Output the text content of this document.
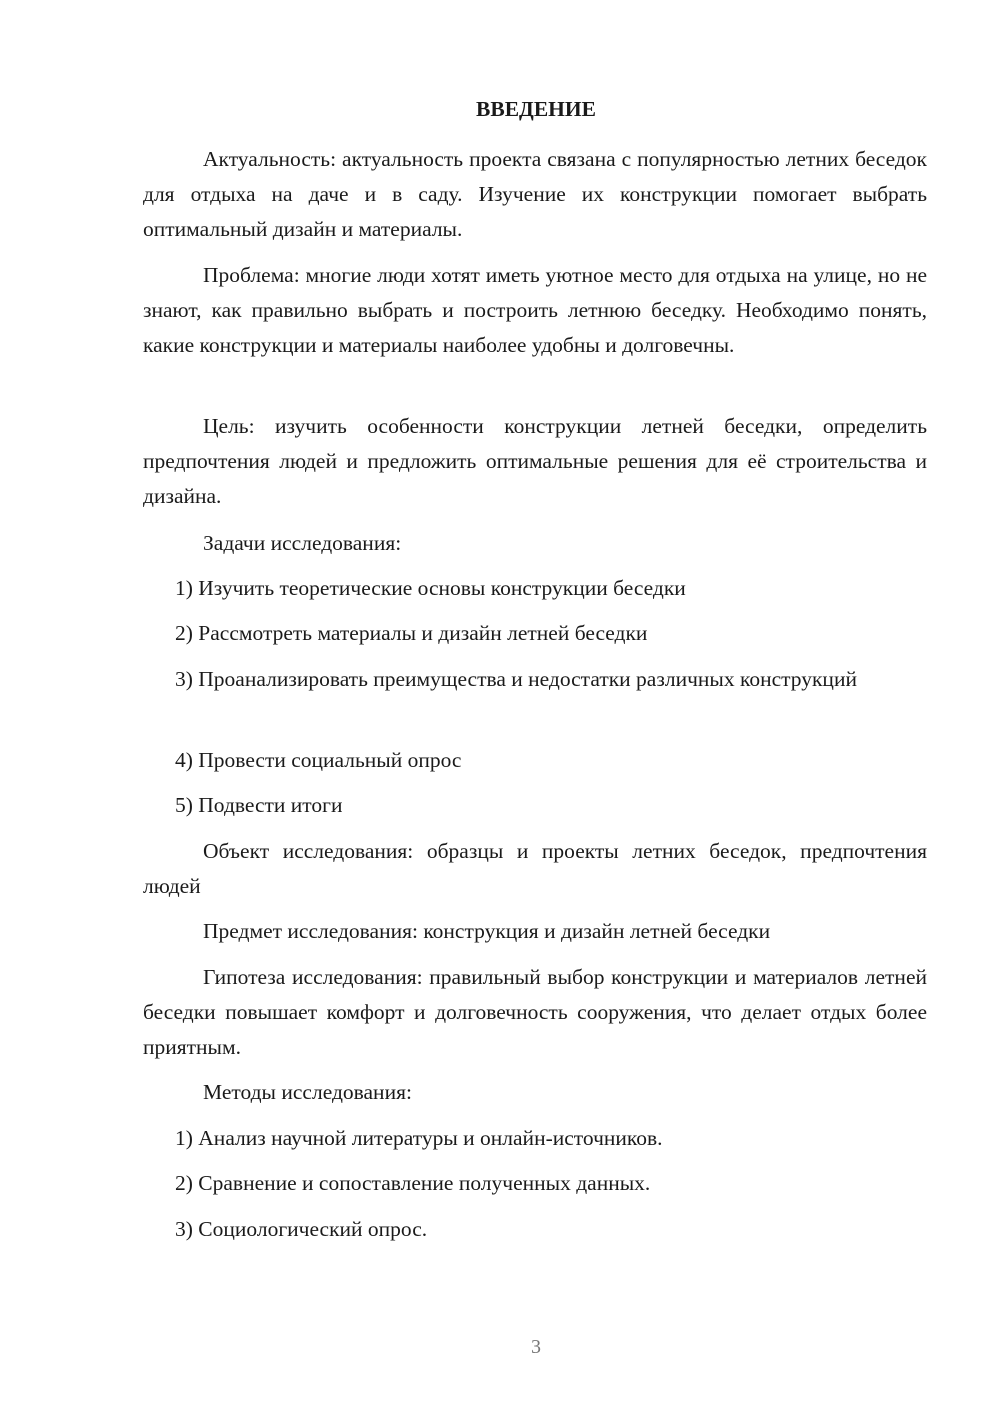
ВВЕДЕНИЕ

Актуальность: актуальность проекта связана с популярностью летних беседок для отдыха на даче и в саду. Изучение их конструкции помогает выбрать оптимальный дизайн и материалы.

Проблема: многие люди хотят иметь уютное место для отдыха на улице, но не знают, как правильно выбрать и построить летнюю беседку. Необходимо понять, какие конструкции и материалы наиболее удобны и долговечны.

Цель: изучить особенности конструкции летней беседки, определить предпочтения людей и предложить оптимальные решения для её строительства и дизайна.

Задачи исследования:

1) Изучить теоретические основы конструкции беседки

2) Рассмотреть материалы и дизайн летней беседки

3) Проанализировать преимущества и недостатки различных конструкций

4) Провести социальный опрос

5) Подвести итоги

Объект исследования: образцы и проекты летних беседок, предпочтения людей

Предмет исследования: конструкция и дизайн летней беседки

Гипотеза исследования: правильный выбор конструкции и материалов летней беседки повышает комфорт и долговечность сооружения, что делает отдых более приятным.

Методы исследования:

1) Анализ научной литературы и онлайн-источников.

2) Сравнение и сопоставление полученных данных.

3) Социологический опрос.

3
